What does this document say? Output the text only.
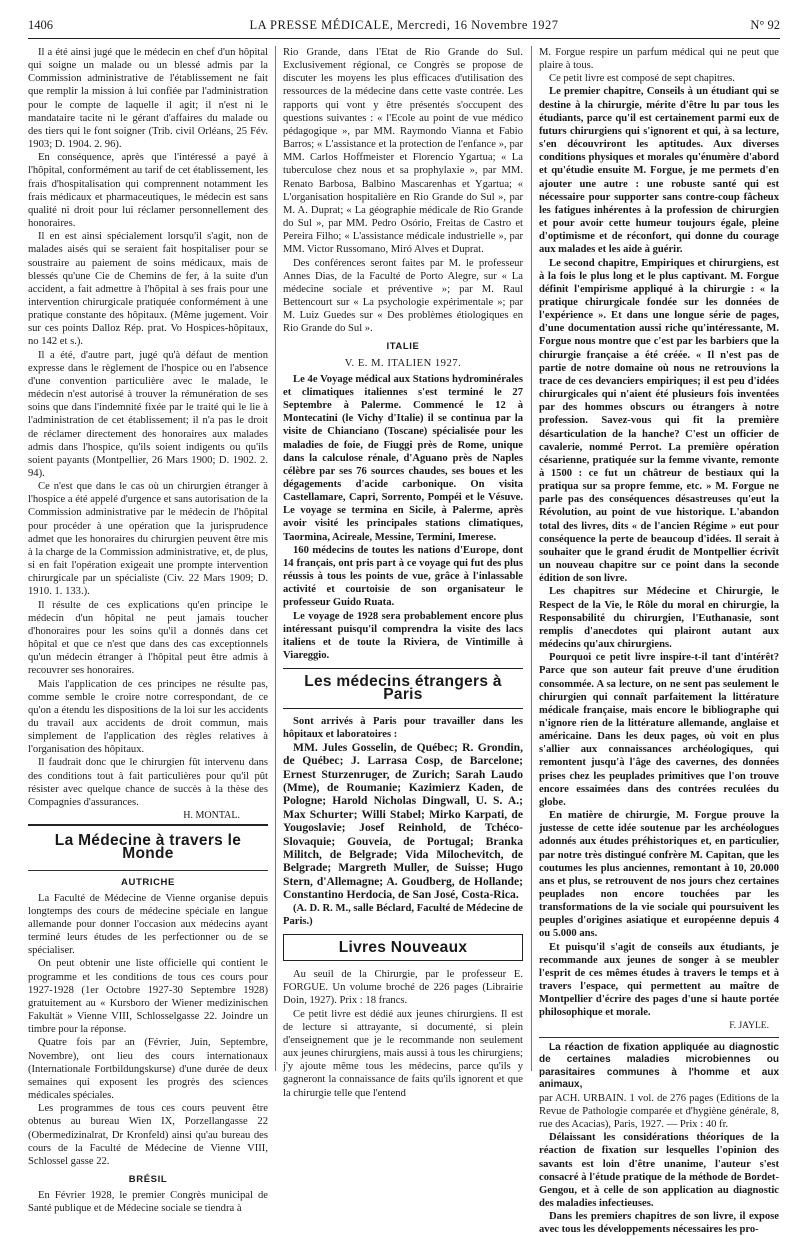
1406	LA PRESSE MÉDICALE, Mercredi, 16 Novembre 1927	N° 92

Il a été ainsi jugé que le médecin en chef d'un hôpital qui soigne un malade ou un blessé admis par la Commission administrative de l'établissement ne fait que remplir la mission à lui confiée par l'administration pour le compte de laquelle il agit; il n'est ni le mandataire tacite ni le gérant d'affaires du malade ou des tiers qui le font soigner (Trib. civil Orléans, 25 Fév. 1903; D. 1904. 2. 96).

En conséquence, après que l'intéressé a payé à l'hôpital, conformément au tarif de cet établissement, les frais d'hospitalisation qui comprennent notamment les frais médicaux et pharmaceutiques, le médecin est sans qualité ni droit pour lui réclamer personnellement des honoraires.

Il en est ainsi spécialement lorsqu'il s'agit, non de malades aisés qui se seraient fait hospitaliser pour se soustraire au paiement de soins médicaux, mais de blessés qu'une Cie de Chemins de fer, à la suite d'un accident, a fait admettre à l'hôpital à ses frais pour une intervention chirurgicale pratiquée conformément à une pratique constante des hôpitaux. (Même jugement. Voir sur ces points Dalloz Rép. prat. Vo Hospices-hôpitaux, no 142 et s.).

Il a été, d'autre part, jugé qu'à défaut de mention expresse dans le règlement de l'hospice ou en l'absence d'une convention particulière avec le malade, le médecin n'est autorisé à trouver la rémunération de ses soins que dans l'indemnité fixée par le traité qui le lie à l'administration de cet établissement; il n'a pas le droit de réclamer directement des honoraires aux malades admis dans l'hospice, qu'ils soient indigents ou qu'ils soient payants (Montpellier, 26 Mars 1900; D. 1902. 2. 94).

Ce n'est que dans le cas où un chirurgien étranger à l'hospice a été appelé d'urgence et sans autorisation de la Commission administrative par le médecin de l'hôpital pour procéder à une opération que la jurisprudence admet que les honoraires du chirurgien peuvent être mis à la charge de la Commission administrative, et, de plus, si en fait l'opération exigeait une prompte intervention chirurgicale par un spécialiste (Civ. 22 Mars 1909; D. 1910. 1. 133.).

Il résulte de ces explications qu'en principe le médecin d'un hôpital ne peut jamais toucher d'honoraires pour les soins qu'il a donnés dans cet hôpital et que ce n'est que dans des cas exceptionnels qu'un médecin étranger à l'hôpital peut être admis à recouvrer ses honoraires.

Mais l'application de ces principes ne résulte pas, comme semble le croire notre correspondant, de ce qu'on a étendu les dispositions de la loi sur les accidents du travail aux accidents de droit commun, mais simplement de l'application des règles relatives à l'organisation des hôpitaux.

Il faudrait donc que le chirurgien fût intervenu dans des conditions tout à fait particulières pour qu'il pût résister avec quelque chance de succès à la thèse des Compagnies d'assurances.

H. MONTAL.

La Médecine à travers le Monde
AUTRICHE

La Faculté de Médecine de Vienne organise depuis longtemps des cours de médecine spéciale en langue allemande pour donner l'occasion aux médecins ayant terminé leurs études de les perfectionner ou de se spécialiser.

On peut obtenir une liste officielle qui contient le programme et les conditions de tous ces cours pour 1927-1928 (1er Octobre 1927-30 Septembre 1928) gratuitement au « Kursboro der Wiener medizinischen Fakultät » Vienne VIII, Schlosselgasse 22. Joindre un timbre pour la réponse.

Quatre fois par an (Février, Juin, Septembre, Novembre), ont lieu des cours internationaux (Internationale Fortbildungskurse) d'une durée de deux semaines qui exposent les progrès des sciences médicales spéciales.

Les programmes de tous ces cours peuvent être obtenus au bureau Wien IX, Porzellangasse 22 (Obermedizinalrat, Dr Kronfeld) ainsi qu'au bureau des cours de la Faculté de Médecine de Vienne VIII, Schlossel gasse 22.

BRÉSIL

En Février 1928, le premier Congrès municipal de Santé publique et de Médecine sociale se tiendra à

Rio Grande, dans l'Etat de Rio Grande do Sul. Exclusivement régional, ce Congrès se propose de discuter les moyens les plus efficaces d'utilisation des ressources de la médecine dans cette vaste contrée. Les rapports qui vont y être présentés s'occupent des questions suivantes : « l'Ecole au point de vue médico pédagogique », par MM. Raymondo Vianna et Fabio Barros; « L'assistance et la protection de l'enfance », par MM. Carlos Hoffmeister et Florencio Ygartua; « La tuberculose chez nous et sa prophylaxie », par MM. Renato Barbosa, Balbino Mascarenhas et Ygartua; « L'organisation hospitalière en Rio Grande do Sul », par M. A. Duprat; « La géographie médicale de Rio Grande do Sul », par MM. Pedro Osório, Freitas de Castro et Pereira Filho; « L'assistance médicale industrielle », par MM. Victor Russomano, Miró Alves et Duprat.

Des conférences seront faites par M. le professeur Annes Dias, de la Faculté de Porto Alegre, sur « La médecine sociale et préventive »; par M. Raul Bettencourt sur « La psychologie expérimentale »; par M. Luiz Guedes sur « Des problèmes étiologiques en Rio Grande do Sul ».

ITALIE

V. E. M. ITALIEN 1927.

Le 4e Voyage médical aux Stations hydrominérales et climatiques italiennes s'est terminé le 27 Septembre à Palerme. Commencé le 12 à Montecatini (le Vichy d'Italie) il se continua par la visite de Chianciano (Toscane) spécialisée pour les maladies de foie, de Fiuggi près de Rome, unique dans la calculose rénale, d'Aguano près de Naples célèbre par ses 76 sources chaudes, ses boues et les dégagements d'acide carbonique. On visita Castellamare, Capri, Sorrento, Pompéi et le Vésuve. Le voyage se termina en Sicile, à Palerme, après avoir visité les principales stations climatiques, Taormina, Acireale, Messine, Termini, Imerese.

160 médecins de toutes les nations d'Europe, dont 14 français, ont pris part à ce voyage qui fut des plus réussis à tous les points de vue, grâce à l'inlassable activité et courtoisie de son organisateur le professeur Guido Ruata.

Le voyage de 1928 sera probablement encore plus intéressant puisqu'il comprendra la visite des lacs italiens et de toute la Riviera, de Vintimille à Viareggio.

Les médecins étrangers à Paris

Sont arrivés à Paris pour travailler dans les hôpitaux et laboratoires :

MM. Jules Gosselin, de Québec; R. Grondin, de Québec; J. Larrasa Cosp, de Barcelone; Ernest Sturzenruger, de Zurich; Sarah Laudo (Mme), de Roumanie; Kazimierz Kaden, de Pologne; Harold Nicholas Dingwall, U. S. A.; Max Schurter; Willi Stabel; Mirko Karpati, de Yougoslavie; Josef Reinhold, de Tchéco-Slovaquie; Gouveia, de Portugal; Branka Militch, de Belgrade; Vida Milochevitch, de Belgrade; Margreth Muller, de Suisse; Hugo Stern, d'Allemagne; A. Goudberg, de Hollande; Constantino Herdocia, de San José, Costa-Rica.

(A. D. R. M., salle Béclard, Faculté de Médecine de Paris.)

Livres Nouveaux

Au seuil de la Chirurgie, par le professeur E. FORGUE. Un volume broché de 226 pages (Librairie Doin, 1927). Prix : 18 francs.

Ce petit livre est dédié aux jeunes chirurgiens. Il est de lecture si attrayante, si documenté, si plein d'enseignement que je le recommande non seulement aux jeunes chirurgiens, mais aussi à tous les chirurgiens; j'y ajoute même tous les médecins, parce qu'ils y gagneront la connaissance de faits qu'ils ignorent et que la chirurgie telle que l'entend

M. Forgue respire un parfum médical qui ne peut que plaire à tous.

Ce petit livre est composé de sept chapitres.

Le premier chapitre, Conseils à un étudiant qui se destine à la chirurgie, mérite d'être lu par tous les étudiants, parce qu'il est certainement parmi eux de futurs chirurgiens qui s'ignorent et qui, à sa lecture, s'en découvriront les aptitudes. Aux diverses conditions physiques et morales qu'énumère d'abord et qu'étudie ensuite M. Forgue, je me permets d'en ajouter une autre : une robuste santé qui est nécessaire pour supporter sans contre-coup fâcheux les fatigues inhérentes à la profession de chirurgien et pour avoir cette humeur toujours égale, pleine d'optimisme et de réconfort, qui donne du courage aux malades et les aide à guérir.

Le second chapitre, Empiriques et chirurgiens, est à la fois le plus long et le plus captivant. M. Forgue définit l'empirisme appliqué à la chirurgie : « la pratique chirurgicale fondée sur les données de l'expérience ». Et dans une longue série de pages, d'une documentation aussi riche qu'intéressante, M. Forgue nous montre que c'est par les barbiers que la chirurgie française a été créée. « Il n'est pas de partie de notre domaine où nous ne retrouvions la trace de ces devanciers empiriques; il est peu d'idées chirurgicales qui n'aient été plusieurs fois inventées par des hommes obscurs ou étrangers à notre profession. Savez-vous qui fit la première désarticulation de la hanche? C'est un officier de cavalerie, nommé Perrot. La première opération césarienne, pratiquée sur la femme vivante, remonte à 1500 : ce fut un châtreur de bestiaux qui la pratiqua sur sa propre femme, etc. » M. Forgue ne parle pas des conséquences désastreuses qu'eut la Révolution, au point de vue historique. L'abandon total des livres, dits « de l'ancien Régime » eut pour conséquence la perte de beaucoup d'idées. Il serait à souhaiter que le grand érudit de Montpellier écrivît un nouveau chapitre sur ce point dans la seconde édition de son livre.

Les chapitres sur Médecine et Chirurgie, le Respect de la Vie, le Rôle du moral en chirurgie, la Responsabilité du chirurgien, l'Euthanasie, sont remplis d'anecdotes qui plairont autant aux médecins qu'aux chirurgiens.

Pourquoi ce petit livre inspire-t-il tant d'intérêt? Parce que son auteur fait preuve d'une érudition consommée. A sa lecture, on ne sent pas seulement le chirurgien qui connaît parfaitement la littérature médicale française, mais encore le bibliographe qui n'ignore rien de la littérature allemande, anglaise et américaine. Dans les deux pages, où voit en plus s'allier aux connaissances archéologiques, qui remontent jusqu'à l'âge des cavernes, des données prises chez les peuplades primitives que l'on trouve encore essaimées dans des contrées reculées du globe.

En matière de chirurgie, M. Forgue prouve la justesse de cette idée soutenue par les archéologues adonnés aux études préhistoriques et, en particulier, par notre très distingué confrère M. Capitan, que les coutumes les plus anciennes, remontant à 10, 20.000 ans et plus, se retrouvent de nos jours chez certaines peuplades non encore touchées par les transformations de la vie sociale qui poursuivent les peuples d'origines asiatique et européenne depuis 4 ou 5.000 ans.

Et puisqu'il s'agit de conseils aux étudiants, je recommande aux jeunes de songer à se meubler l'esprit de ces mêmes études à travers le temps et à travers l'espace, qui permettent au maître de Montpellier d'écrire des pages d'une si haute portée philosophique et morale.

F. JAYLE.

La réaction de fixation appliquée au diagnostic de certaines maladies microbiennes ou parasitaires communes à l'homme et aux animaux,

par ACH. URBAIN. 1 vol. de 276 pages (Editions de la Revue de Pathologie comparée et d'hygiène générale, 8, rue des Acacias), Paris, 1927. — Prix : 40 fr.

Délaissant les considérations théoriques de la réaction de fixation sur lesquelles l'opinion des savants est loin d'être unanime, l'auteur s'est consacré à l'étude pratique de la méthode de Bordet-Gengou, et à celle de son application au diagnostic des maladies infectieuses.

Dans les premiers chapitres de son livre, il expose avec tous les développements nécessaires les pro-
